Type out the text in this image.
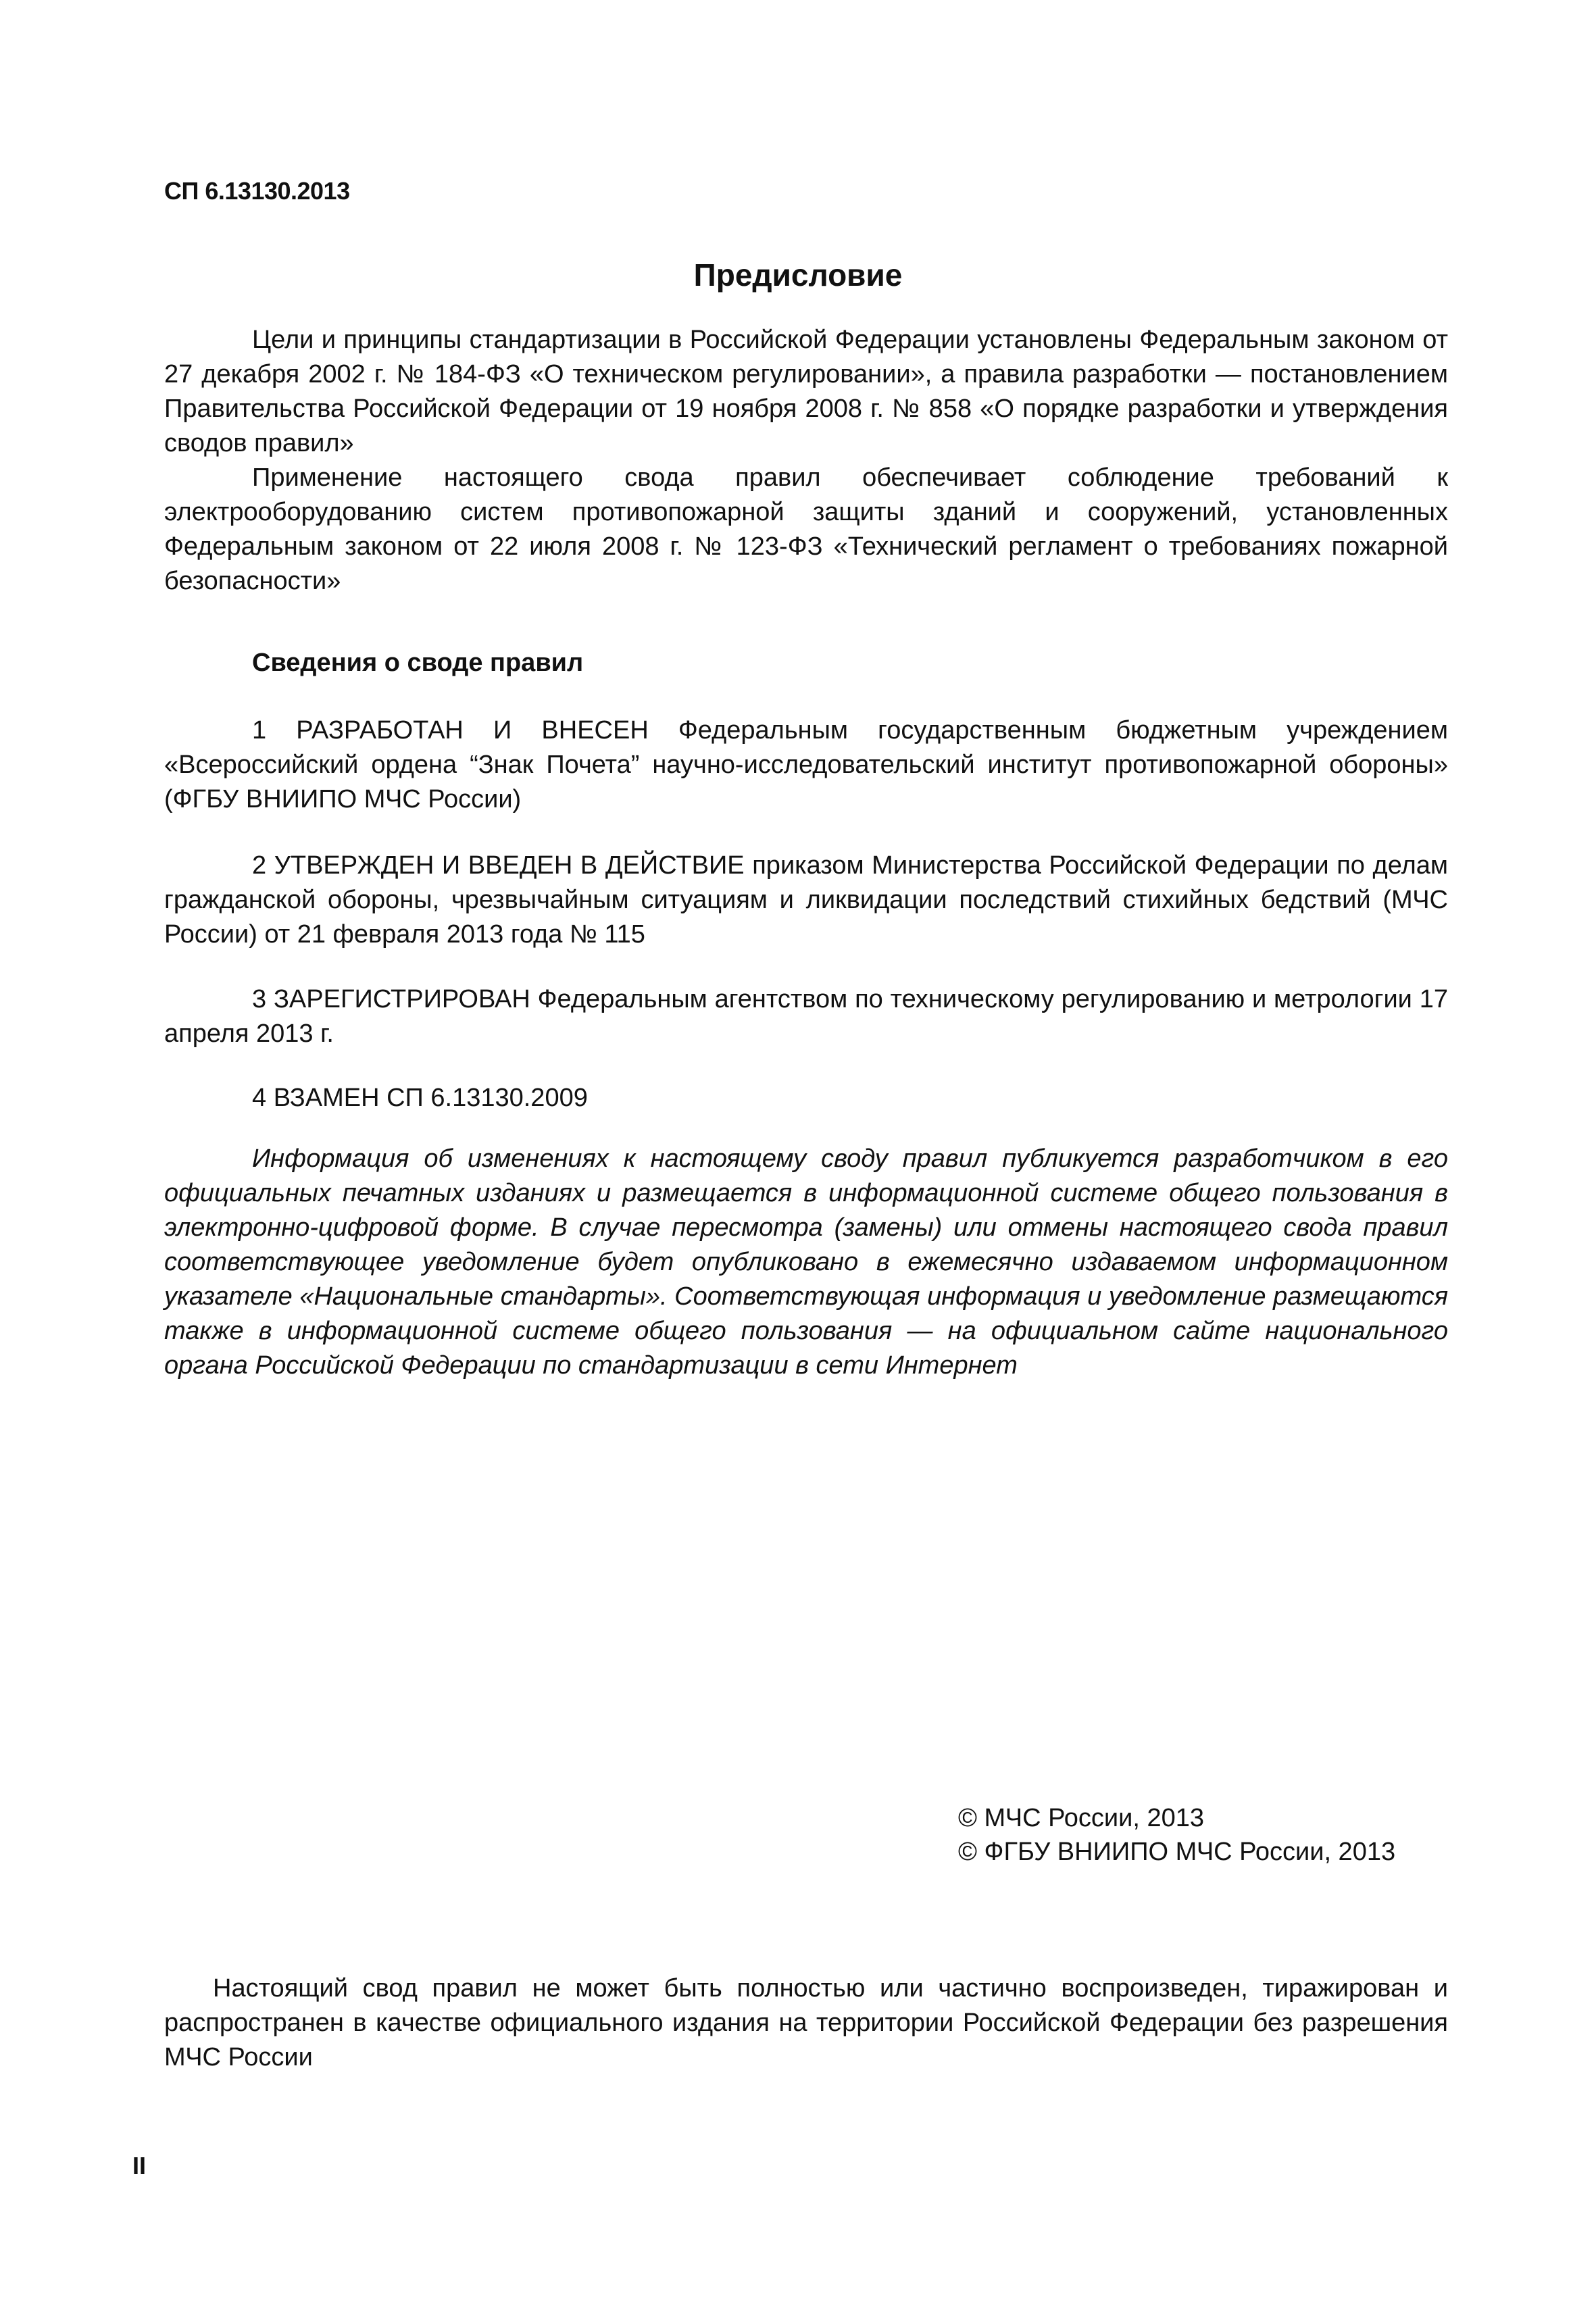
СП 6.13130.2013
Предисловие

Цели и принципы стандартизации в Российской Федерации установлены Федеральным законом от 27 декабря 2002 г. № 184-ФЗ «О техническом регулировании», а правила разработки — постановлением Правительства Российской Федерации от 19 ноября 2008 г. № 858 «О порядке разработки и утверждения сводов правил»

Применение настоящего свода правил обеспечивает соблюдение требований к электрооборудованию систем противопожарной защиты зданий и сооружений, установленных Федеральным законом от 22 июля 2008 г. № 123-ФЗ «Технический регламент о требованиях пожарной безопасности»

Сведения о своде правил

1 РАЗРАБОТАН И ВНЕСЕН Федеральным государственным бюджетным учреждением «Всероссийский ордена “Знак Почета” научно-исследовательский институт противопожарной обороны» (ФГБУ ВНИИПО МЧС России)

2 УТВЕРЖДЕН И ВВЕДЕН В ДЕЙСТВИЕ приказом Министерства Российской Федерации по делам гражданской обороны, чрезвычайным ситуациям и ликвидации последствий стихийных бедствий (МЧС России) от 21 февраля 2013 года № 115

3 ЗАРЕГИСТРИРОВАН Федеральным агентством по техническому регулированию и метрологии 17 апреля 2013 г.

4 ВЗАМЕН СП 6.13130.2009

Информация об изменениях к настоящему своду правил публикуется разработчиком в его официальных печатных изданиях и размещается в информационной системе общего пользования в электронно-цифровой форме. В случае пересмотра (замены) или отмены настоящего свода правил соответствующее уведомление будет опубликовано в ежемесячно издаваемом информационном указателе «Национальные стандарты». Соответствующая информация и уведомление размещаются также в информационной системе общего пользования — на официальном сайте национального органа Российской Федерации по стандартизации в сети Интернет

© МЧС России, 2013
© ФГБУ ВНИИПО МЧС России, 2013
Настоящий свод правил не может быть полностью или частично воспроизведен, тиражирован и распространен в качестве официального издания на территории Российской Федерации без разрешения МЧС России
II
